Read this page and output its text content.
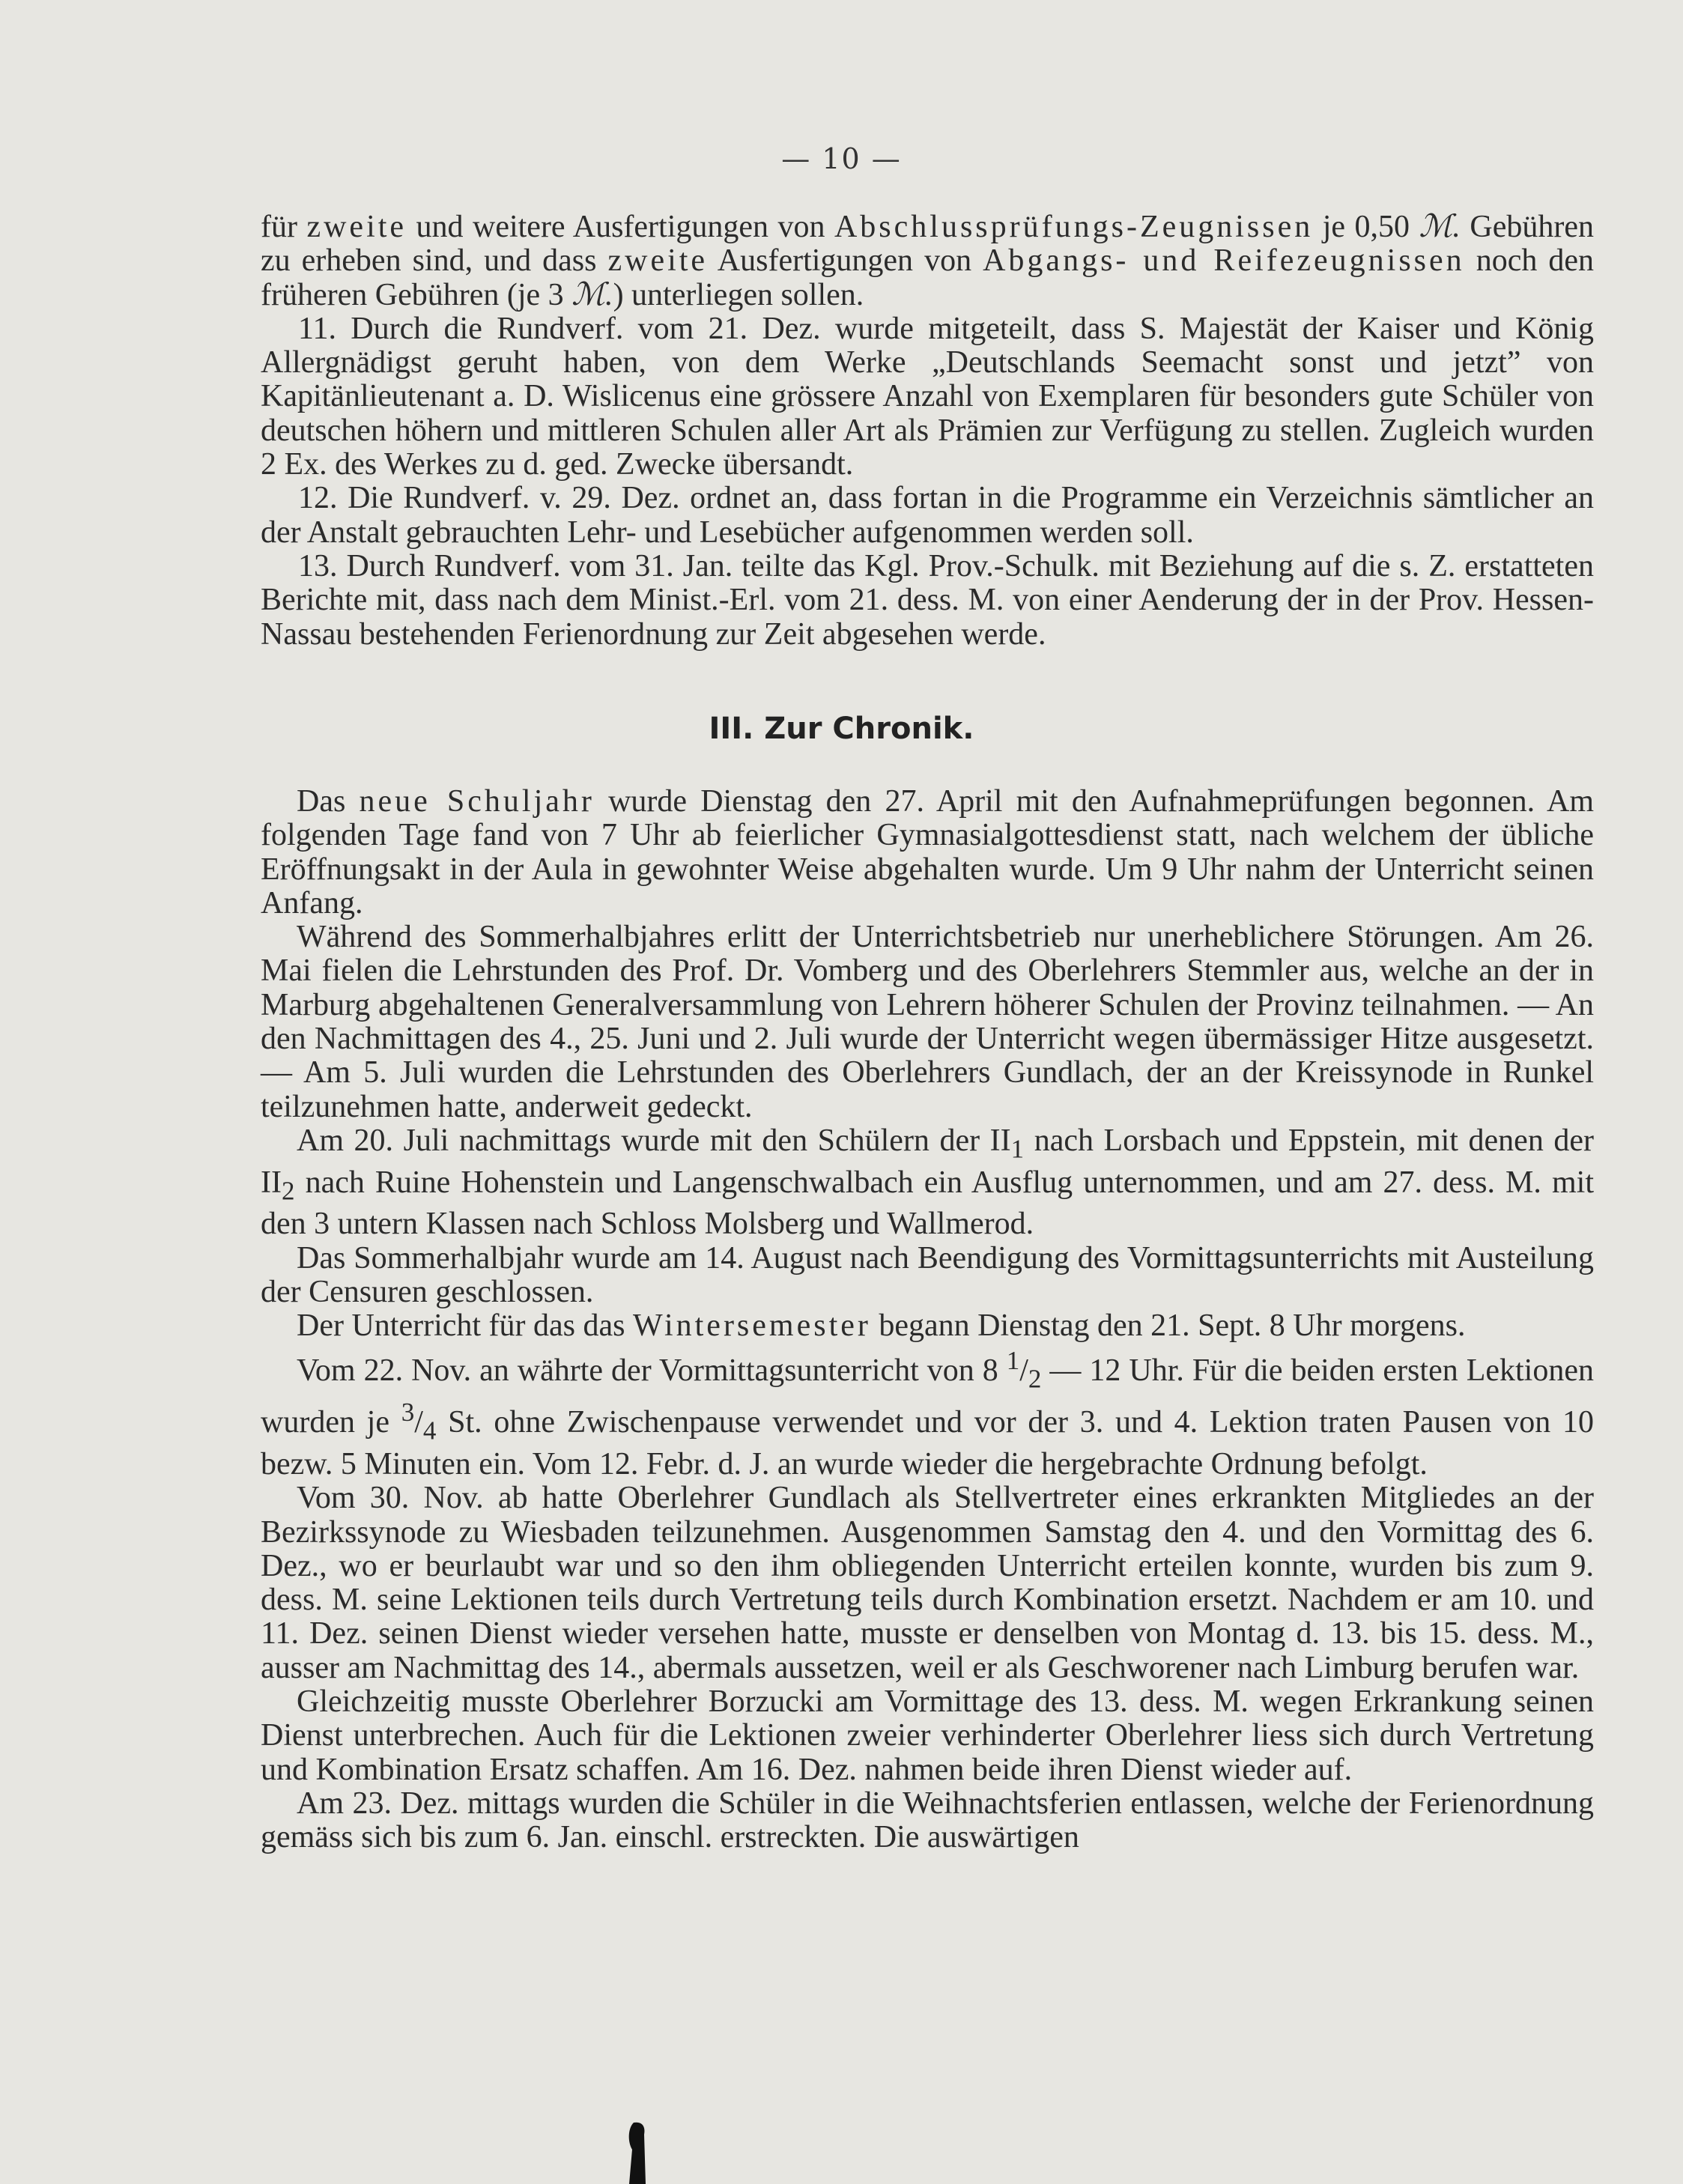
— 10 —

für zweite und weitere Ausfertigungen von Abschlussprüfungs-Zeugnissen je 0,50 ℳ. Gebühren zu erheben sind, und dass zweite Ausfertigungen von Abgangs- und Reifezeugnissen noch den früheren Gebühren (je 3 ℳ.) unterliegen sollen.

11. Durch die Rundverf. vom 21. Dez. wurde mitgeteilt, dass S. Majestät der Kaiser und König Allergnädigst geruht haben, von dem Werke „Deutschlands Seemacht sonst und jetzt” von Kapitänlieutenant a. D. Wislicenus eine grössere Anzahl von Exemplaren für besonders gute Schüler von deutschen höhern und mittleren Schulen aller Art als Prämien zur Verfügung zu stellen. Zugleich wurden 2 Ex. des Werkes zu d. ged. Zwecke übersandt.

12. Die Rundverf. v. 29. Dez. ordnet an, dass fortan in die Programme ein Verzeichnis sämtlicher an der Anstalt gebrauchten Lehr- und Lesebücher aufgenommen werden soll.

13. Durch Rundverf. vom 31. Jan. teilte das Kgl. Prov.-Schulk. mit Beziehung auf die s. Z. erstatteten Berichte mit, dass nach dem Minist.-Erl. vom 21. dess. M. von einer Aenderung der in der Prov. Hessen-Nassau bestehenden Ferienordnung zur Zeit abgesehen werde.

III. Zur Chronik.

Das neue Schuljahr wurde Dienstag den 27. April mit den Aufnahmeprüfungen begonnen. Am folgenden Tage fand von 7 Uhr ab feierlicher Gymnasialgottesdienst statt, nach welchem der übliche Eröffnungsakt in der Aula in gewohnter Weise abgehalten wurde. Um 9 Uhr nahm der Unterricht seinen Anfang.

Während des Sommerhalbjahres erlitt der Unterrichtsbetrieb nur unerheblichere Störungen. Am 26. Mai fielen die Lehrstunden des Prof. Dr. Vomberg und des Oberlehrers Stemmler aus, welche an der in Marburg abgehaltenen Generalversammlung von Lehrern höherer Schulen der Provinz teilnahmen. — An den Nachmittagen des 4., 25. Juni und 2. Juli wurde der Unterricht wegen übermässiger Hitze ausgesetzt. — Am 5. Juli wurden die Lehrstunden des Oberlehrers Gundlach, der an der Kreissynode in Runkel teilzunehmen hatte, anderweit gedeckt.

Am 20. Juli nachmittags wurde mit den Schülern der $II_1$ nach Lorsbach und Eppstein, mit denen der $II_2$ nach Ruine Hohenstein und Langenschwalbach ein Ausflug unternommen, und am 27. dess. M. mit den 3 untern Klassen nach Schloss Molsberg und Wallmerod.

Das Sommerhalbjahr wurde am 14. August nach Beendigung des Vormittagsunterrichts mit Austeilung der Censuren geschlossen.

Der Unterricht für das das Wintersemester begann Dienstag den 21. Sept. 8 Uhr morgens.

Vom 22. Nov. an währte der Vormittagsunterricht von 8 $^1/_2$ — 12 Uhr. Für die beiden ersten Lektionen wurden je $^3/_4$ St. ohne Zwischenpause verwendet und vor der 3. und 4. Lektion traten Pausen von 10 bezw. 5 Minuten ein. Vom 12. Febr. d. J. an wurde wieder die hergebrachte Ordnung befolgt.

Vom 30. Nov. ab hatte Oberlehrer Gundlach als Stellvertreter eines erkrankten Mitgliedes an der Bezirkssynode zu Wiesbaden teilzunehmen. Ausgenommen Samstag den 4. und den Vormittag des 6. Dez., wo er beurlaubt war und so den ihm obliegenden Unterricht erteilen konnte, wurden bis zum 9. dess. M. seine Lektionen teils durch Vertretung teils durch Kombination ersetzt. Nachdem er am 10. und 11. Dez. seinen Dienst wieder versehen hatte, musste er denselben von Montag d. 13. bis 15. dess. M., ausser am Nachmittag des 14., abermals aussetzen, weil er als Geschworener nach Limburg berufen war.

Gleichzeitig musste Oberlehrer Borzucki am Vormittage des 13. dess. M. wegen Erkrankung seinen Dienst unterbrechen. Auch für die Lektionen zweier verhinderter Oberlehrer liess sich durch Vertretung und Kombination Ersatz schaffen. Am 16. Dez. nahmen beide ihren Dienst wieder auf.

Am 23. Dez. mittags wurden die Schüler in die Weihnachtsferien entlassen, welche der Ferienordnung gemäss sich bis zum 6. Jan. einschl. erstreckten. Die auswärtigen
